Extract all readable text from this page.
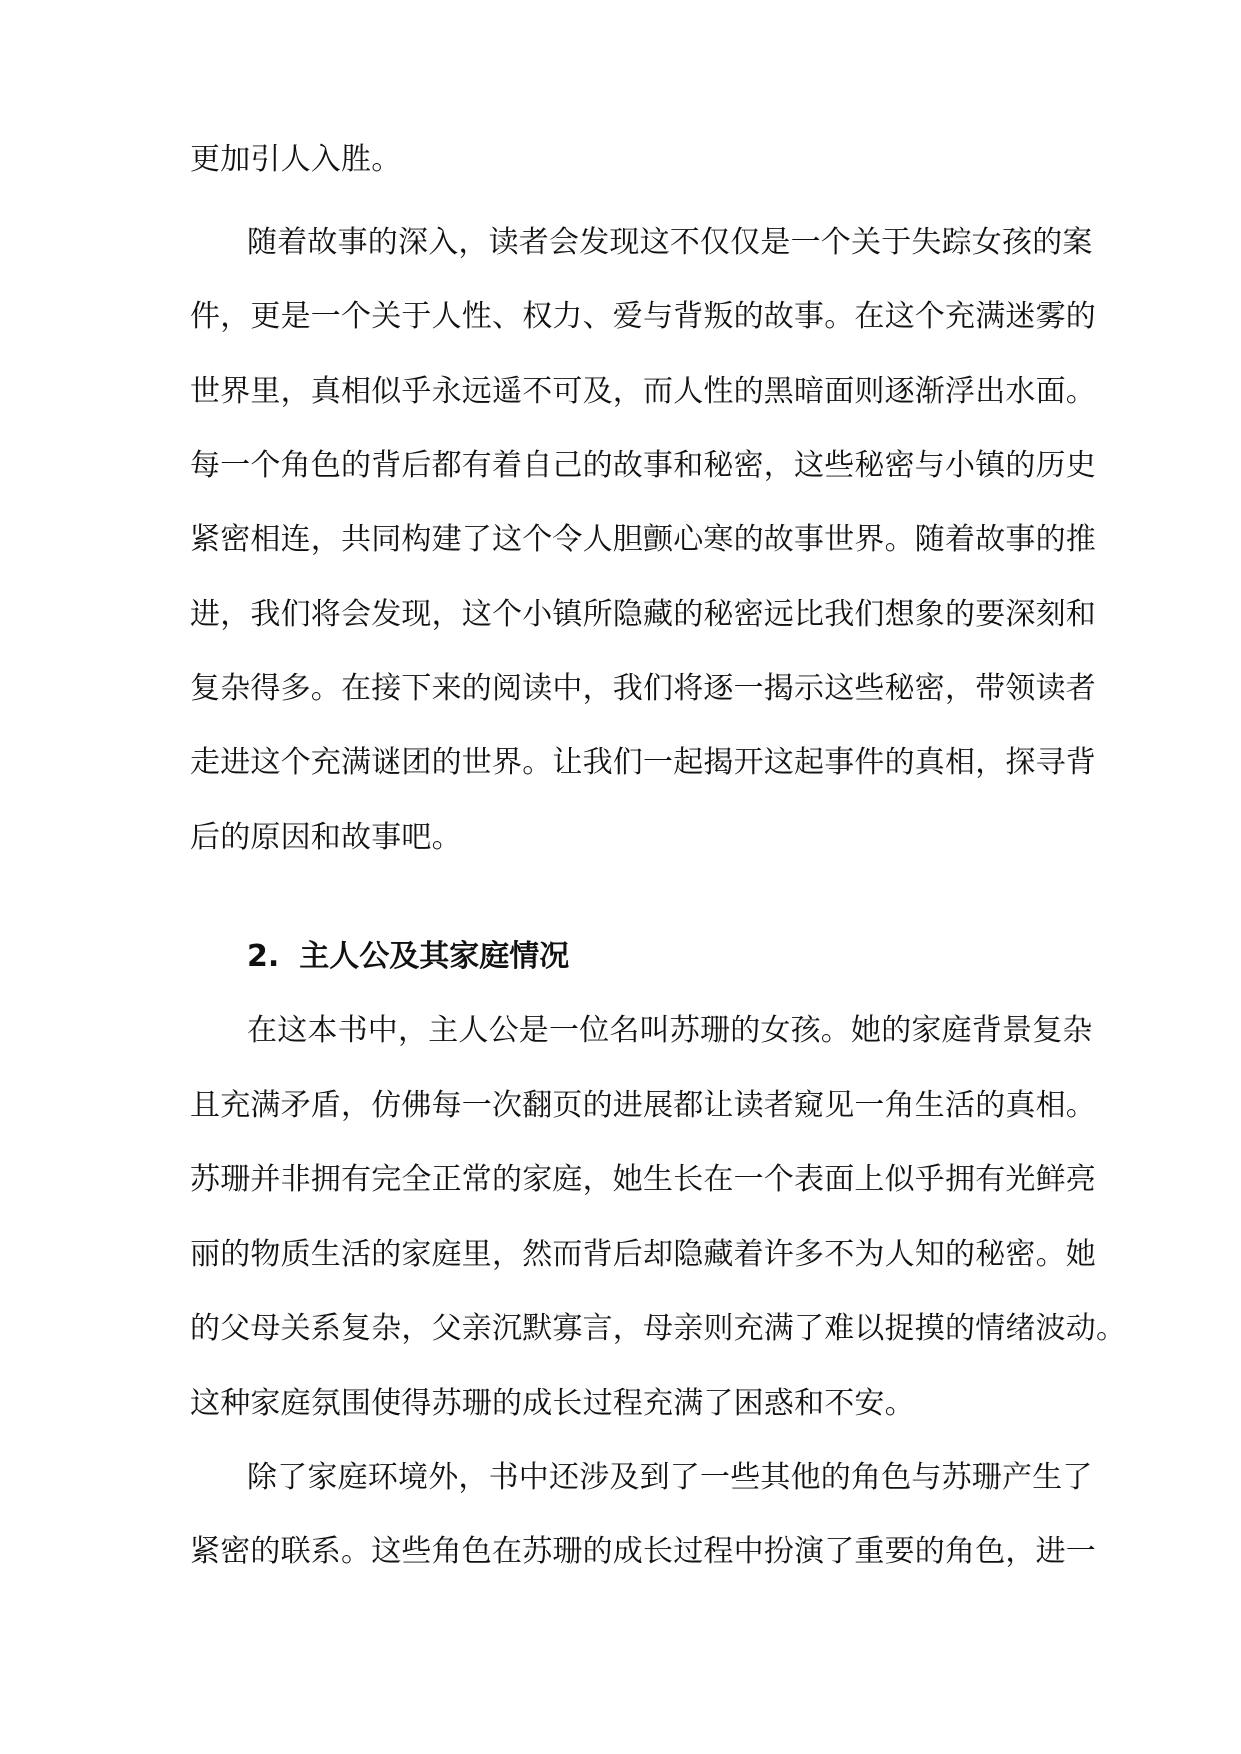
更加引人入胜。
随着故事的深入，读者会发现这不仅仅是一个关于失踪女孩的案
件，更是一个关于人性、权力、爱与背叛的故事。在这个充满迷雾的
世界里，真相似乎永远遥不可及，而人性的黑暗面则逐渐浮出水面。
每一个角色的背后都有着自己的故事和秘密，这些秘密与小镇的历史
紧密相连，共同构建了这个令人胆颤心寒的故事世界。随着故事的推
进，我们将会发现，这个小镇所隐藏的秘密远比我们想象的要深刻和
复杂得多。在接下来的阅读中，我们将逐一揭示这些秘密，带领读者
走进这个充满谜团的世界。让我们一起揭开这起事件的真相，探寻背
后的原因和故事吧。
2. 主人公及其家庭情况
在这本书中，主人公是一位名叫苏珊的女孩。她的家庭背景复杂
且充满矛盾，仿佛每一次翻页的进展都让读者窥见一角生活的真相。
苏珊并非拥有完全正常的家庭，她生长在一个表面上似乎拥有光鲜亮
丽的物质生活的家庭里，然而背后却隐藏着许多不为人知的秘密。她
的父母关系复杂，父亲沉默寡言，母亲则充满了难以捉摸的情绪波动。
这种家庭氛围使得苏珊的成长过程充满了困惑和不安。
除了家庭环境外，书中还涉及到了一些其他的角色与苏珊产生了
紧密的联系。这些角色在苏珊的成长过程中扮演了重要的角色，进一
